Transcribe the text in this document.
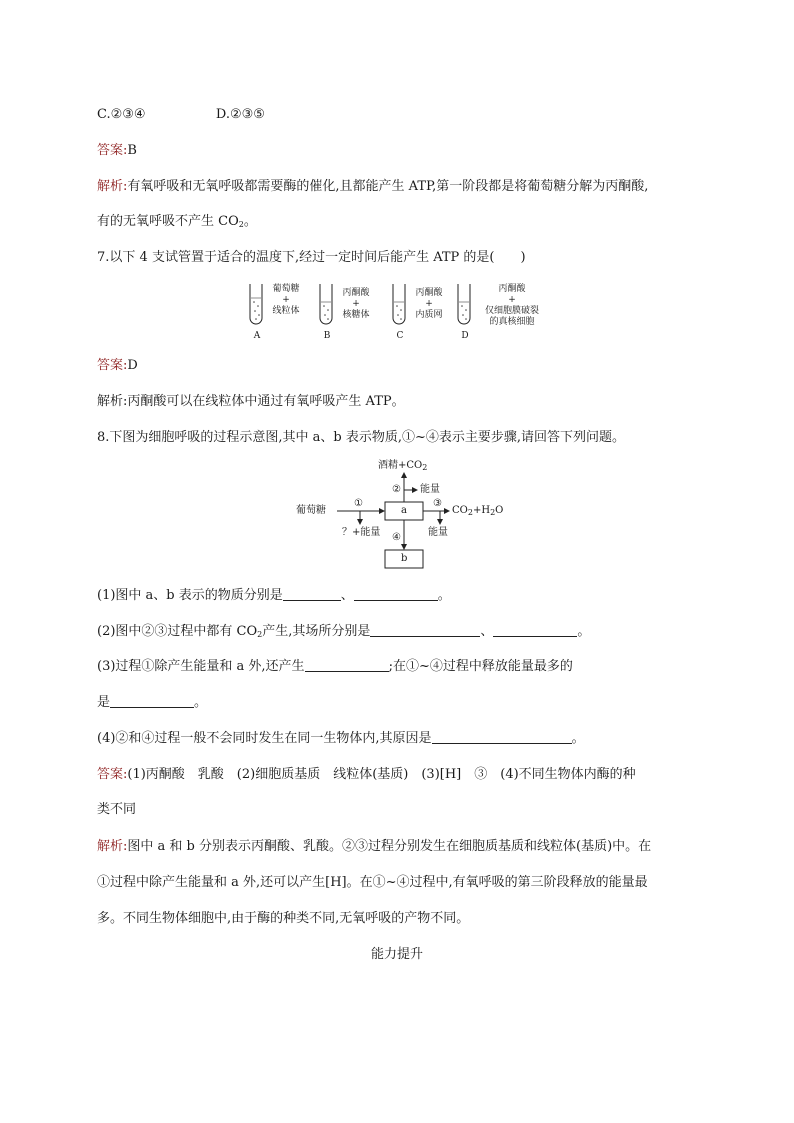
C.②③④	D.②③⑤
答案:B
解析:有氧呼吸和无氧呼吸都需要酶的催化,且都能产生 ATP,第一阶段都是将葡萄糖分解为丙酮酸,
有的无氧呼吸不产生 $CO_2$。
7.以下 4 支试管置于适合的温度下,经过一定时间后能产生 ATP 的是(　　)
葡萄糖
+
线粒体
丙酮酸
+
核糖体
丙酮酸
+
内质网
丙酮酸
+
仅细胞膜破裂
的真核细胞
A	B	C	D
答案:D
解析:丙酮酸可以在线粒体中通过有氧呼吸产生 ATP。
8.下图为细胞呼吸的过程示意图,其中 a、b 表示物质,①~④表示主要步骤,请回答下列问题。
酒精$+CO_2$
② 能量
葡萄糖
①
a
③
$CO_2+H_2O$
？+能量 ④	能量
b
(1)图中 a、b 表示的物质分别是	、	。
(2)图中②③过程中都有 $CO_2$产生,其场所分别是	、	。
(3)过程①除产生能量和 a 外,还产生	;在①~④过程中释放能量最多的
是	。
(4)②和④过程一般不会同时发生在同一生物体内,其原因是	。
答案:(1)丙酮酸　乳酸　(2)细胞质基质　线粒体(基质)　(3)[H]　③　(4)不同生物体内酶的种
类不同
解析:图中 a 和 b 分别表示丙酮酸、乳酸。②③过程分别发生在细胞质基质和线粒体(基质)中。在
①过程中除产生能量和 a 外,还可以产生[H]。在①~④过程中,有氧呼吸的第三阶段释放的能量最
多。不同生物体细胞中,由于酶的种类不同,无氧呼吸的产物不同。
能力提升
